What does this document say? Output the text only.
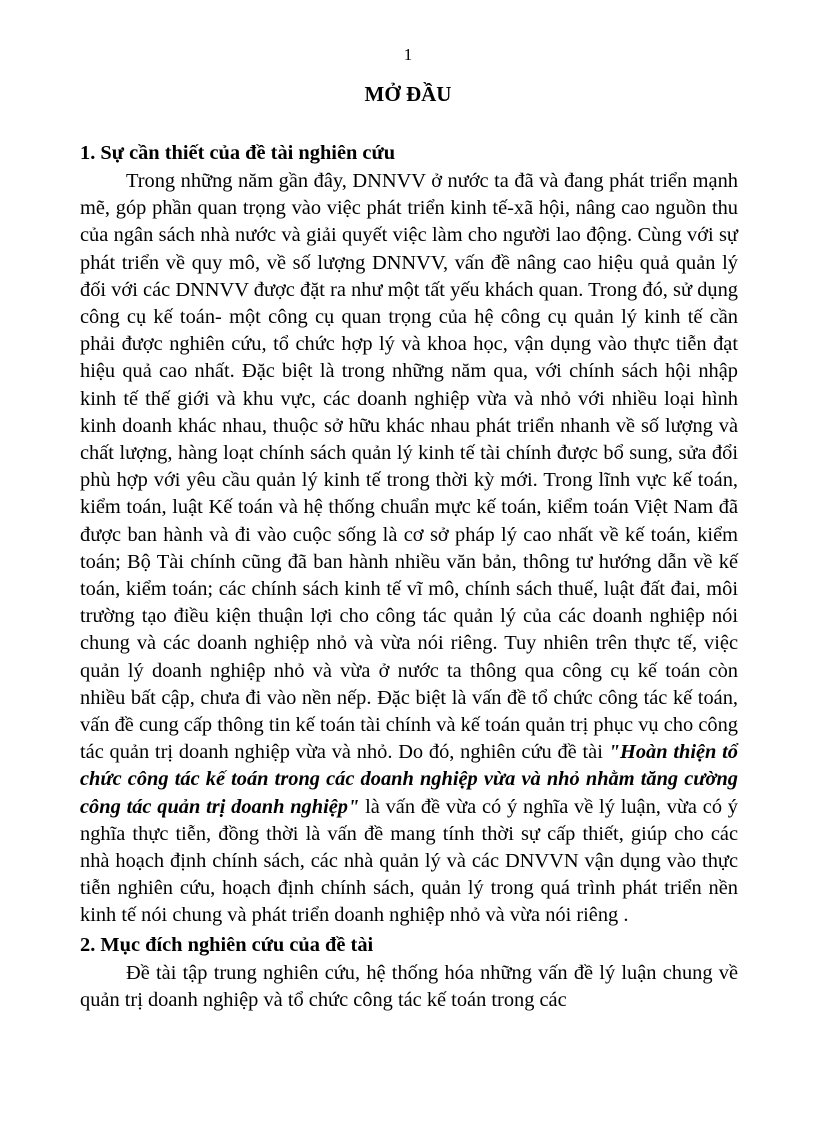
1
MỞ ĐẦU

1. Sự cần thiết của đề tài nghiên cứu

Trong những năm gần đây, DNNVV ở nước ta đã và đang phát triển mạnh mẽ, góp phần quan trọng vào việc phát triển kinh tế-xã hội, nâng cao nguồn thu của ngân sách nhà nước và giải quyết việc làm cho người lao động. Cùng với sự phát triển về quy mô, về số lượng DNNVV, vấn đề nâng cao hiệu quả quản lý đối với các DNNVV được đặt ra như một tất yếu khách quan. Trong đó, sử dụng công cụ kế toán- một công cụ quan trọng của hệ công cụ quản lý kinh tế cần phải được nghiên cứu, tổ chức hợp lý và khoa học, vận dụng vào thực tiễn đạt hiệu quả cao nhất. Đặc biệt là trong những năm qua, với chính sách hội nhập kinh tế thế giới và khu vực, các doanh nghiệp vừa và nhỏ với nhiều loại hình kinh doanh khác nhau, thuộc sở hữu khác nhau phát triển nhanh về số lượng và chất lượng, hàng loạt chính sách quản lý kinh tế tài chính được bổ sung, sửa đổi phù hợp với yêu cầu quản lý kinh tế trong thời kỳ mới. Trong lĩnh vực kế toán, kiểm toán, luật Kế toán và hệ thống chuẩn mực kế toán, kiểm toán Việt Nam đã được ban hành và đi vào cuộc sống là cơ sở pháp lý cao nhất về kế toán, kiểm toán; Bộ Tài chính cũng đã ban hành nhiều văn bản, thông tư hướng dẫn về kế toán, kiểm toán; các chính sách kinh tế vĩ mô, chính sách thuế, luật đất đai, môi trường tạo điều kiện thuận lợi cho công tác quản lý của các doanh nghiệp nói chung và các doanh nghiệp nhỏ và vừa nói riêng. Tuy nhiên trên thực tế, việc quản lý doanh nghiệp nhỏ và vừa ở nước ta thông qua công cụ kế toán còn nhiều bất cập, chưa đi vào nền nếp. Đặc biệt là vấn đề tổ chức công tác kế toán, vấn đề cung cấp thông tin kế toán tài chính và kế toán quản trị phục vụ cho công tác quản trị doanh nghiệp vừa và nhỏ. Do đó, nghiên cứu đề tài "Hoàn thiện tổ chức công tác kế toán trong các doanh nghiệp vừa và nhỏ nhằm tăng cường công tác quản trị doanh nghiệp" là vấn đề vừa có ý nghĩa về lý luận, vừa có ý nghĩa thực tiễn, đồng thời là vấn đề mang tính thời sự cấp thiết, giúp cho các nhà hoạch định chính sách, các nhà quản lý và các DNVVN vận dụng vào thực tiễn nghiên cứu, hoạch định chính sách, quản lý trong quá trình phát triển nền kinh tế nói chung và phát triển doanh nghiệp nhỏ và vừa nói riêng .

2. Mục đích nghiên cứu của đề tài

Đề tài tập trung nghiên cứu, hệ thống hóa những vấn đề lý luận chung về quản trị doanh nghiệp và tổ chức công tác kế toán trong các
